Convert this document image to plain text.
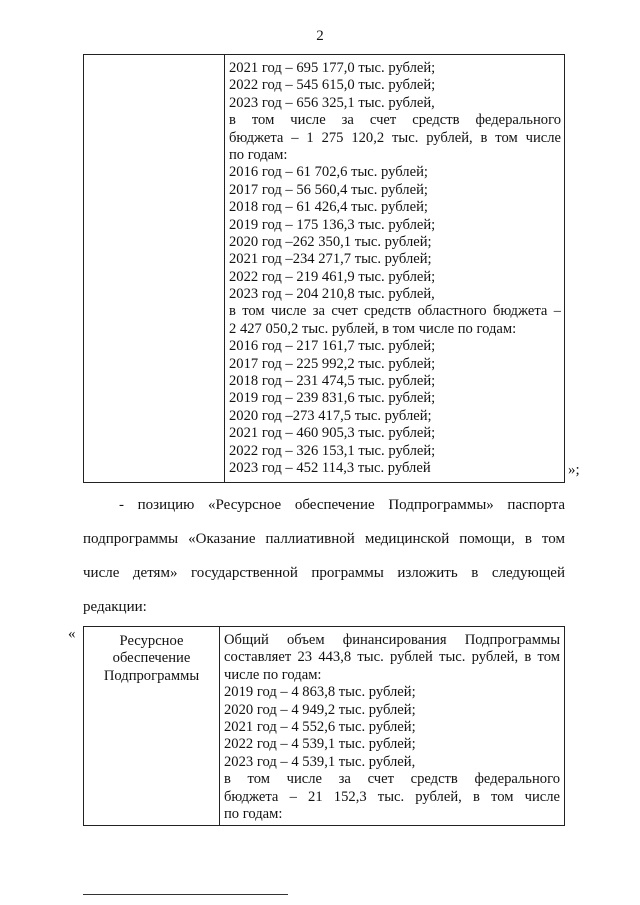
2
2021 год – 695 177,0 тыс. рублей;
2022 год – 545 615,0 тыс. рублей;
2023 год – 656 325,1 тыс. рублей,
в том числе за счет средств федерального
бюджета – 1 275 120,2 тыс. рублей, в том числе
по годам:
2016 год – 61 702,6 тыс. рублей;
2017 год – 56 560,4 тыс. рублей;
2018 год – 61 426,4 тыс. рублей;
2019 год – 175 136,3 тыс. рублей;
2020 год –262 350,1 тыс. рублей;
2021 год –234 271,7 тыс. рублей;
2022 год – 219 461,9 тыс. рублей;
2023 год – 204 210,8 тыс. рублей,
в том числе за счет средств областного бюджета –
2 427 050,2 тыс. рублей, в том числе по годам:
2016 год – 217 161,7 тыс. рублей;
2017 год – 225 992,2 тыс. рублей;
2018 год – 231 474,5 тыс. рублей;
2019 год – 239 831,6 тыс. рублей;
2020 год –273 417,5 тыс. рублей;
2021 год – 460 905,3 тыс. рублей;
2022 год – 326 153,1 тыс. рублей;
2023 год – 452 114,3 тыс. рублей	»;
- позицию «Ресурсное обеспечение Подпрограммы» паспорта
подпрограммы «Оказание паллиативной медицинской помощи, в том
числе детям» государственной программы изложить в следующей
редакции:
«	Ресурсное
обеспечение
Подпрограммы
Общий объем финансирования Подпрограммы
составляет 23 443,8 тыс. рублей тыс. рублей, в том
числе по годам:
2019 год – 4 863,8 тыс. рублей;
2020 год – 4 949,2 тыс. рублей;
2021 год – 4 552,6 тыс. рублей;
2022 год – 4 539,1 тыс. рублей;
2023 год – 4 539,1 тыс. рублей,
в том числе за счет средств федерального
бюджета – 21 152,3 тыс. рублей, в том числе
по годам:
